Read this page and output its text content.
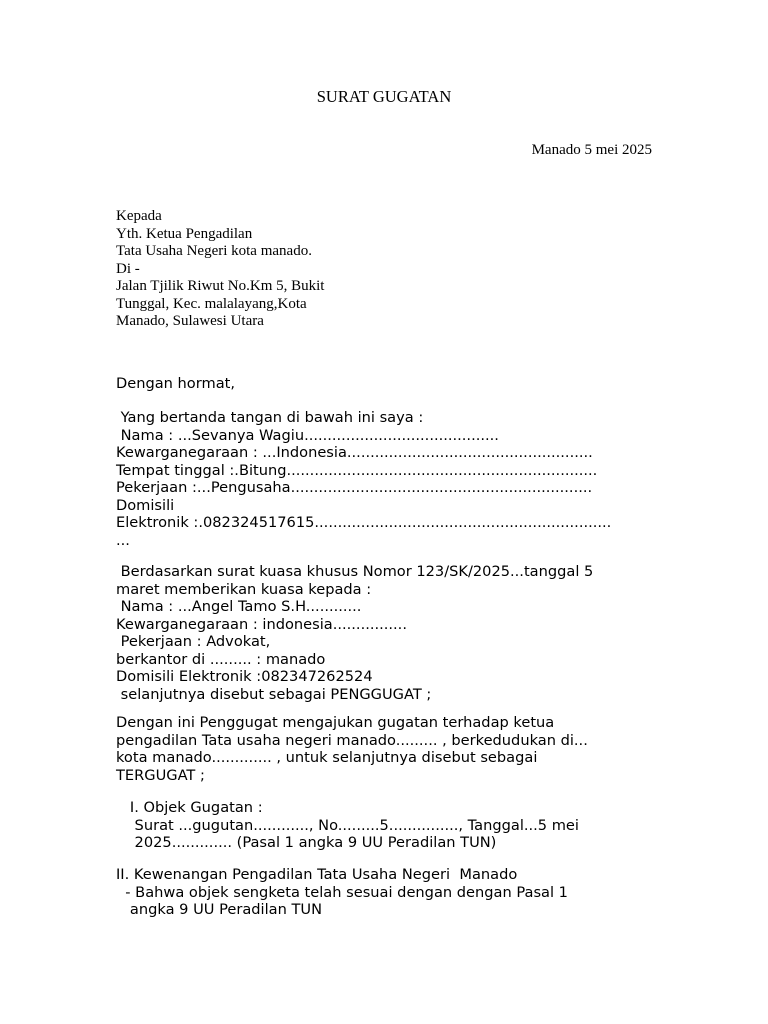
SURAT GUGATAN
Manado 5 mei 2025
Kepada
Yth. Ketua Pengadilan
Tata Usaha Negeri kota manado.
Di -
Jalan Tjilik Riwut No.Km 5, Bukit
Tunggal, Kec. malalayang,Kota
Manado, Sulawesi Utara
Dengan hormat,
Yang bertanda tangan di bawah ini saya :
Nama : ...Sevanya Wagiu..........................................
Kewarganegaraan : ...Indonesia.....................................................
Tempat tinggal :.Bitung...................................................................
Pekerjaan :...Pengusaha.................................................................
Domisili
Elektronik :.082324517615................................................................
...
Berdasarkan surat kuasa khusus Nomor 123/SK/2025...tanggal 5
maret memberikan kuasa kepada :
Nama : ...Angel Tamo S.H............
Kewarganegaraan : indonesia................
Pekerjaan : Advokat,
berkantor di ......... : manado
Domisili Elektronik :082347262524
selanjutnya disebut sebagai PENGGUGAT ;
Dengan ini Penggugat mengajukan gugatan terhadap ketua
pengadilan Tata usaha negeri manado......... , berkedudukan di...
kota manado............. , untuk selanjutnya disebut sebagai
TERGUGAT ;
I. Objek Gugatan :
Surat ...gugutan............, No.........5..............., Tanggal...5 mei
2025............. (Pasal 1 angka 9 UU Peradilan TUN)
II. Kewenangan Pengadilan Tata Usaha Negeri  Manado
- Bahwa objek sengketa telah sesuai dengan dengan Pasal 1
angka 9 UU Peradilan TUN
